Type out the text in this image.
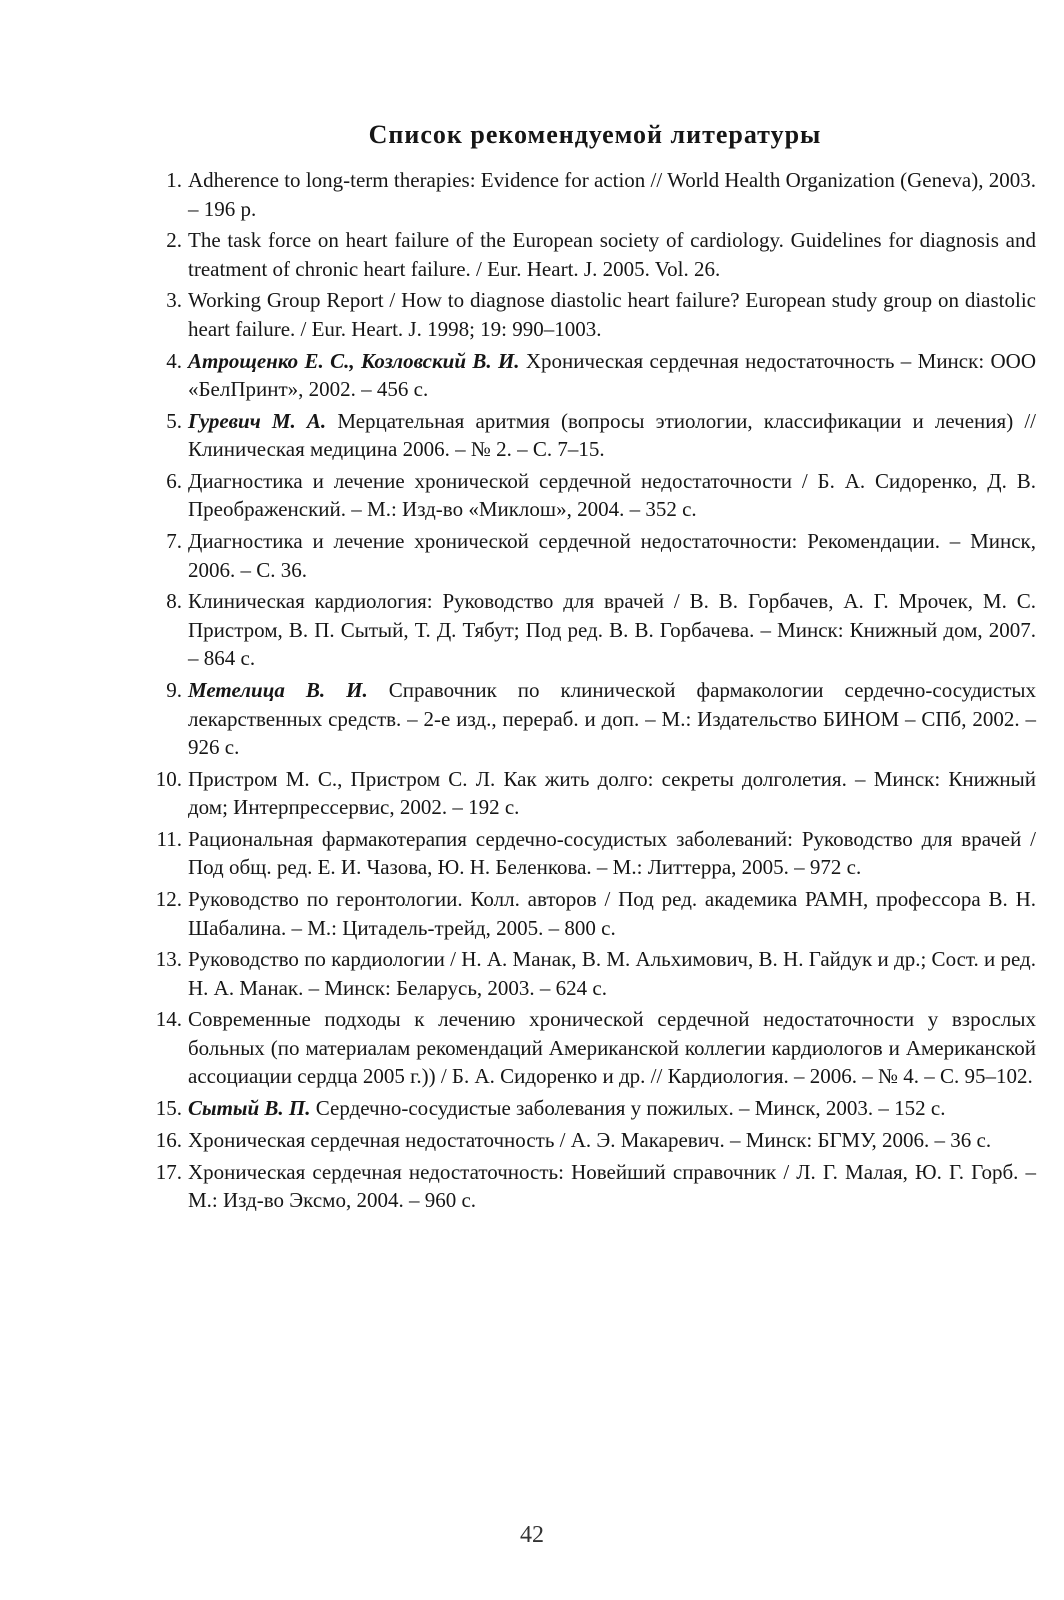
Список рекомендуемой литературы
1. Adherence to long-term therapies: Evidence for action // World Health Organization (Geneva), 2003. – 196 p.
2. The task force on heart failure of the European society of cardiology. Guidelines for diagnosis and treatment of chronic heart failure. / Eur. Heart. J. 2005. Vol. 26.
3. Working Group Report / How to diagnose diastolic heart failure? European study group on diastolic heart failure. / Eur. Heart. J. 1998; 19: 990–1003.
4. Атрощенко Е. С., Козловский В. И. Хроническая сердечная недостаточность – Минск: ООО «БелПринт», 2002. – 456 с.
5. Гуревич М. А. Мерцательная аритмия (вопросы этиологии, классификации и лечения) // Клиническая медицина 2006. – № 2. – С. 7–15.
6. Диагностика и лечение хронической сердечной недостаточности / Б. А. Сидоренко, Д. В. Преображенский. – М.: Изд-во «Миклош», 2004. – 352 с.
7. Диагностика и лечение хронической сердечной недостаточности: Рекомендации. – Минск, 2006. – С. 36.
8. Клиническая кардиология: Руководство для врачей / В. В. Горбачев, А. Г. Мрочек, М. С. Пристром, В. П. Сытый, Т. Д. Тябут; Под ред. В. В. Горбачева. – Минск: Книжный дом, 2007. – 864 с.
9. Метелица В. И. Справочник по клинической фармакологии сердечно-сосудистых лекарственных средств. – 2-е изд., перераб. и доп. – М.: Издательство БИНОМ – СПб, 2002. – 926 с.
10. Пристром М. С., Пристром С. Л. Как жить долго: секреты долголетия. – Минск: Книжный дом; Интерпрессервис, 2002. – 192 с.
11. Рациональная фармакотерапия сердечно-сосудистых заболеваний: Руководство для врачей / Под общ. ред. Е. И. Чазова, Ю. Н. Беленкова. – М.: Литтерра, 2005. – 972 с.
12. Руководство по геронтологии. Колл. авторов / Под ред. академика РАМН, профессора В. Н. Шабалина. – М.: Цитадель-трейд, 2005. – 800 с.
13. Руководство по кардиологии / Н. А. Манак, В. М. Альхимович, В. Н. Гайдук и др.; Сост. и ред. Н. А. Манак. – Минск: Беларусь, 2003. – 624 с.
14. Современные подходы к лечению хронической сердечной недостаточности у взрослых больных (по материалам рекомендаций Американской коллегии кардиологов и Американской ассоциации сердца 2005 г.)) / Б. А. Сидоренко и др. // Кардиология. – 2006. – № 4. – С. 95–102.
15. Сытый В. П. Сердечно-сосудистые заболевания у пожилых. – Минск, 2003. – 152 с.
16. Хроническая сердечная недостаточность / А. Э. Макаревич. – Минск: БГМУ, 2006. – 36 с.
17. Хроническая сердечная недостаточность: Новейший справочник / Л. Г. Малая, Ю. Г. Горб. – М.: Изд-во Эксмо, 2004. – 960 с.
42
